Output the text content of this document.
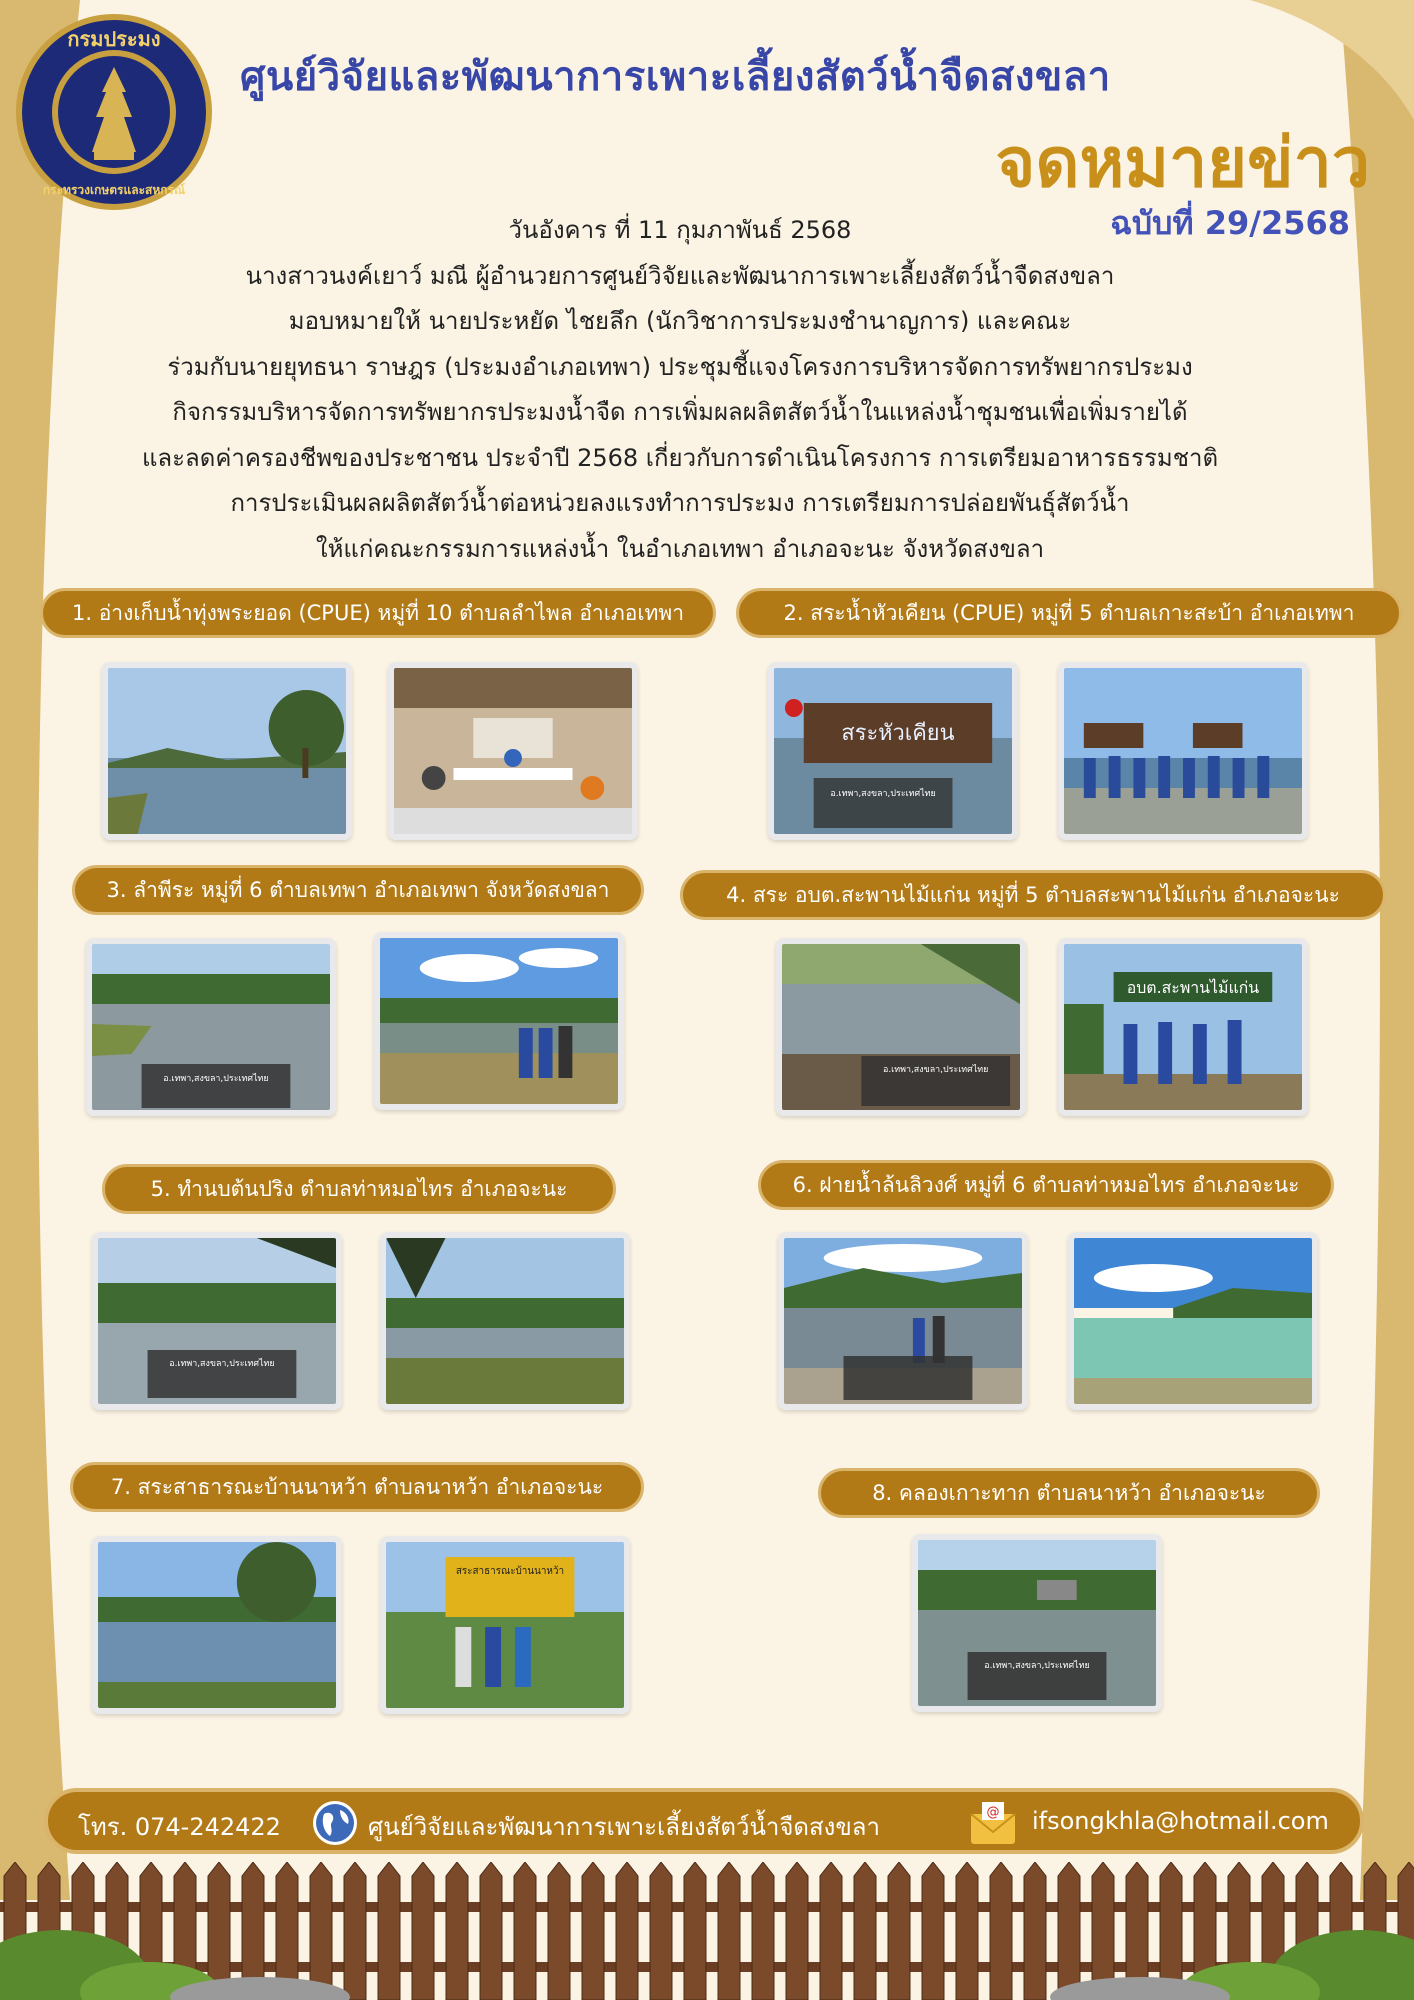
กรมประมง
กระทรวงเกษตรและสหกรณ์
ศูนย์วิจัยและพัฒนาการเพาะเลี้ยงสัตว์น้ำจืดสงขลา
จดหมายข่าว
ฉบับที่ 29/2568
วันอังคาร ที่ 11 กุมภาพันธ์ 2568
นางสาวนงค์เยาว์ มณี ผู้อำนวยการศูนย์วิจัยและพัฒนาการเพาะเลี้ยงสัตว์น้ำจืดสงขลา
มอบหมายให้ นายประหยัด ไชยลึก (นักวิชาการประมงชำนาญการ) และคณะ
ร่วมกับนายยุทธนา ราษฎร (ประมงอำเภอเทพา) ประชุมชี้แจงโครงการบริหารจัดการทรัพยากรประมง
กิจกรรมบริหารจัดการทรัพยากรประมงน้ำจืด การเพิ่มผลผลิตสัตว์น้ำในแหล่งน้ำชุมชนเพื่อเพิ่มรายได้
และลดค่าครองชีพของประชาชน ประจำปี 2568 เกี่ยวกับการดำเนินโครงการ การเตรียมอาหารธรรมชาติ
การประเมินผลผลิตสัตว์น้ำต่อหน่วยลงแรงทำการประมง การเตรียมการปล่อยพันธุ์สัตว์น้ำ
ให้แก่คณะกรรมการแหล่งน้ำ ในอำเภอเทพา อำเภอจะนะ จังหวัดสงขลา
1. อ่างเก็บน้ำทุ่งพระยอด (CPUE) หมู่ที่ 10 ตำบลลำไพล อำเภอเทพา	2. สระน้ำหัวเคียน (CPUE) หมู่ที่ 5 ตำบลเกาะสะบ้า อำเภอเทพา
3. ลำพีระ หมู่ที่ 6 ตำบลเทพา อำเภอเทพา จังหวัดสงขลา	4. สระ อบต.สะพานไม้แก่น หมู่ที่ 5 ตำบลสะพานไม้แก่น อำเภอจะนะ
5. ทำนบต้นปริง ตำบลท่าหมอไทร อำเภอจะนะ	6. ฝายน้ำล้นลิวงศ์ หมู่ที่ 6 ตำบลท่าหมอไทร อำเภอจะนะ
7. สระสาธารณะบ้านนาหว้า ตำบลนาหว้า อำเภอจะนะ	8. คลองเกาะทาก ตำบลนาหว้า อำเภอจะนะ
สระหัวเคียน
อ.เทพา,สงขลา,ประเทศไทย
อ.เทพา,สงขลา,ประเทศไทย
อ.เทพา,สงขลา,ประเทศไทย
อบต.สะพานไม้แก่น
อ.เทพา,สงขลา,ประเทศไทย
สระสาธารณะบ้านนาหว้า
อ.เทพา,สงขลา,ประเทศไทย
โทร. 074-242422	ศูนย์วิจัยและพัฒนาการเพาะเลี้ยงสัตว์น้ำจืดสงขลา
@ ifsongkhla@hotmail.com
